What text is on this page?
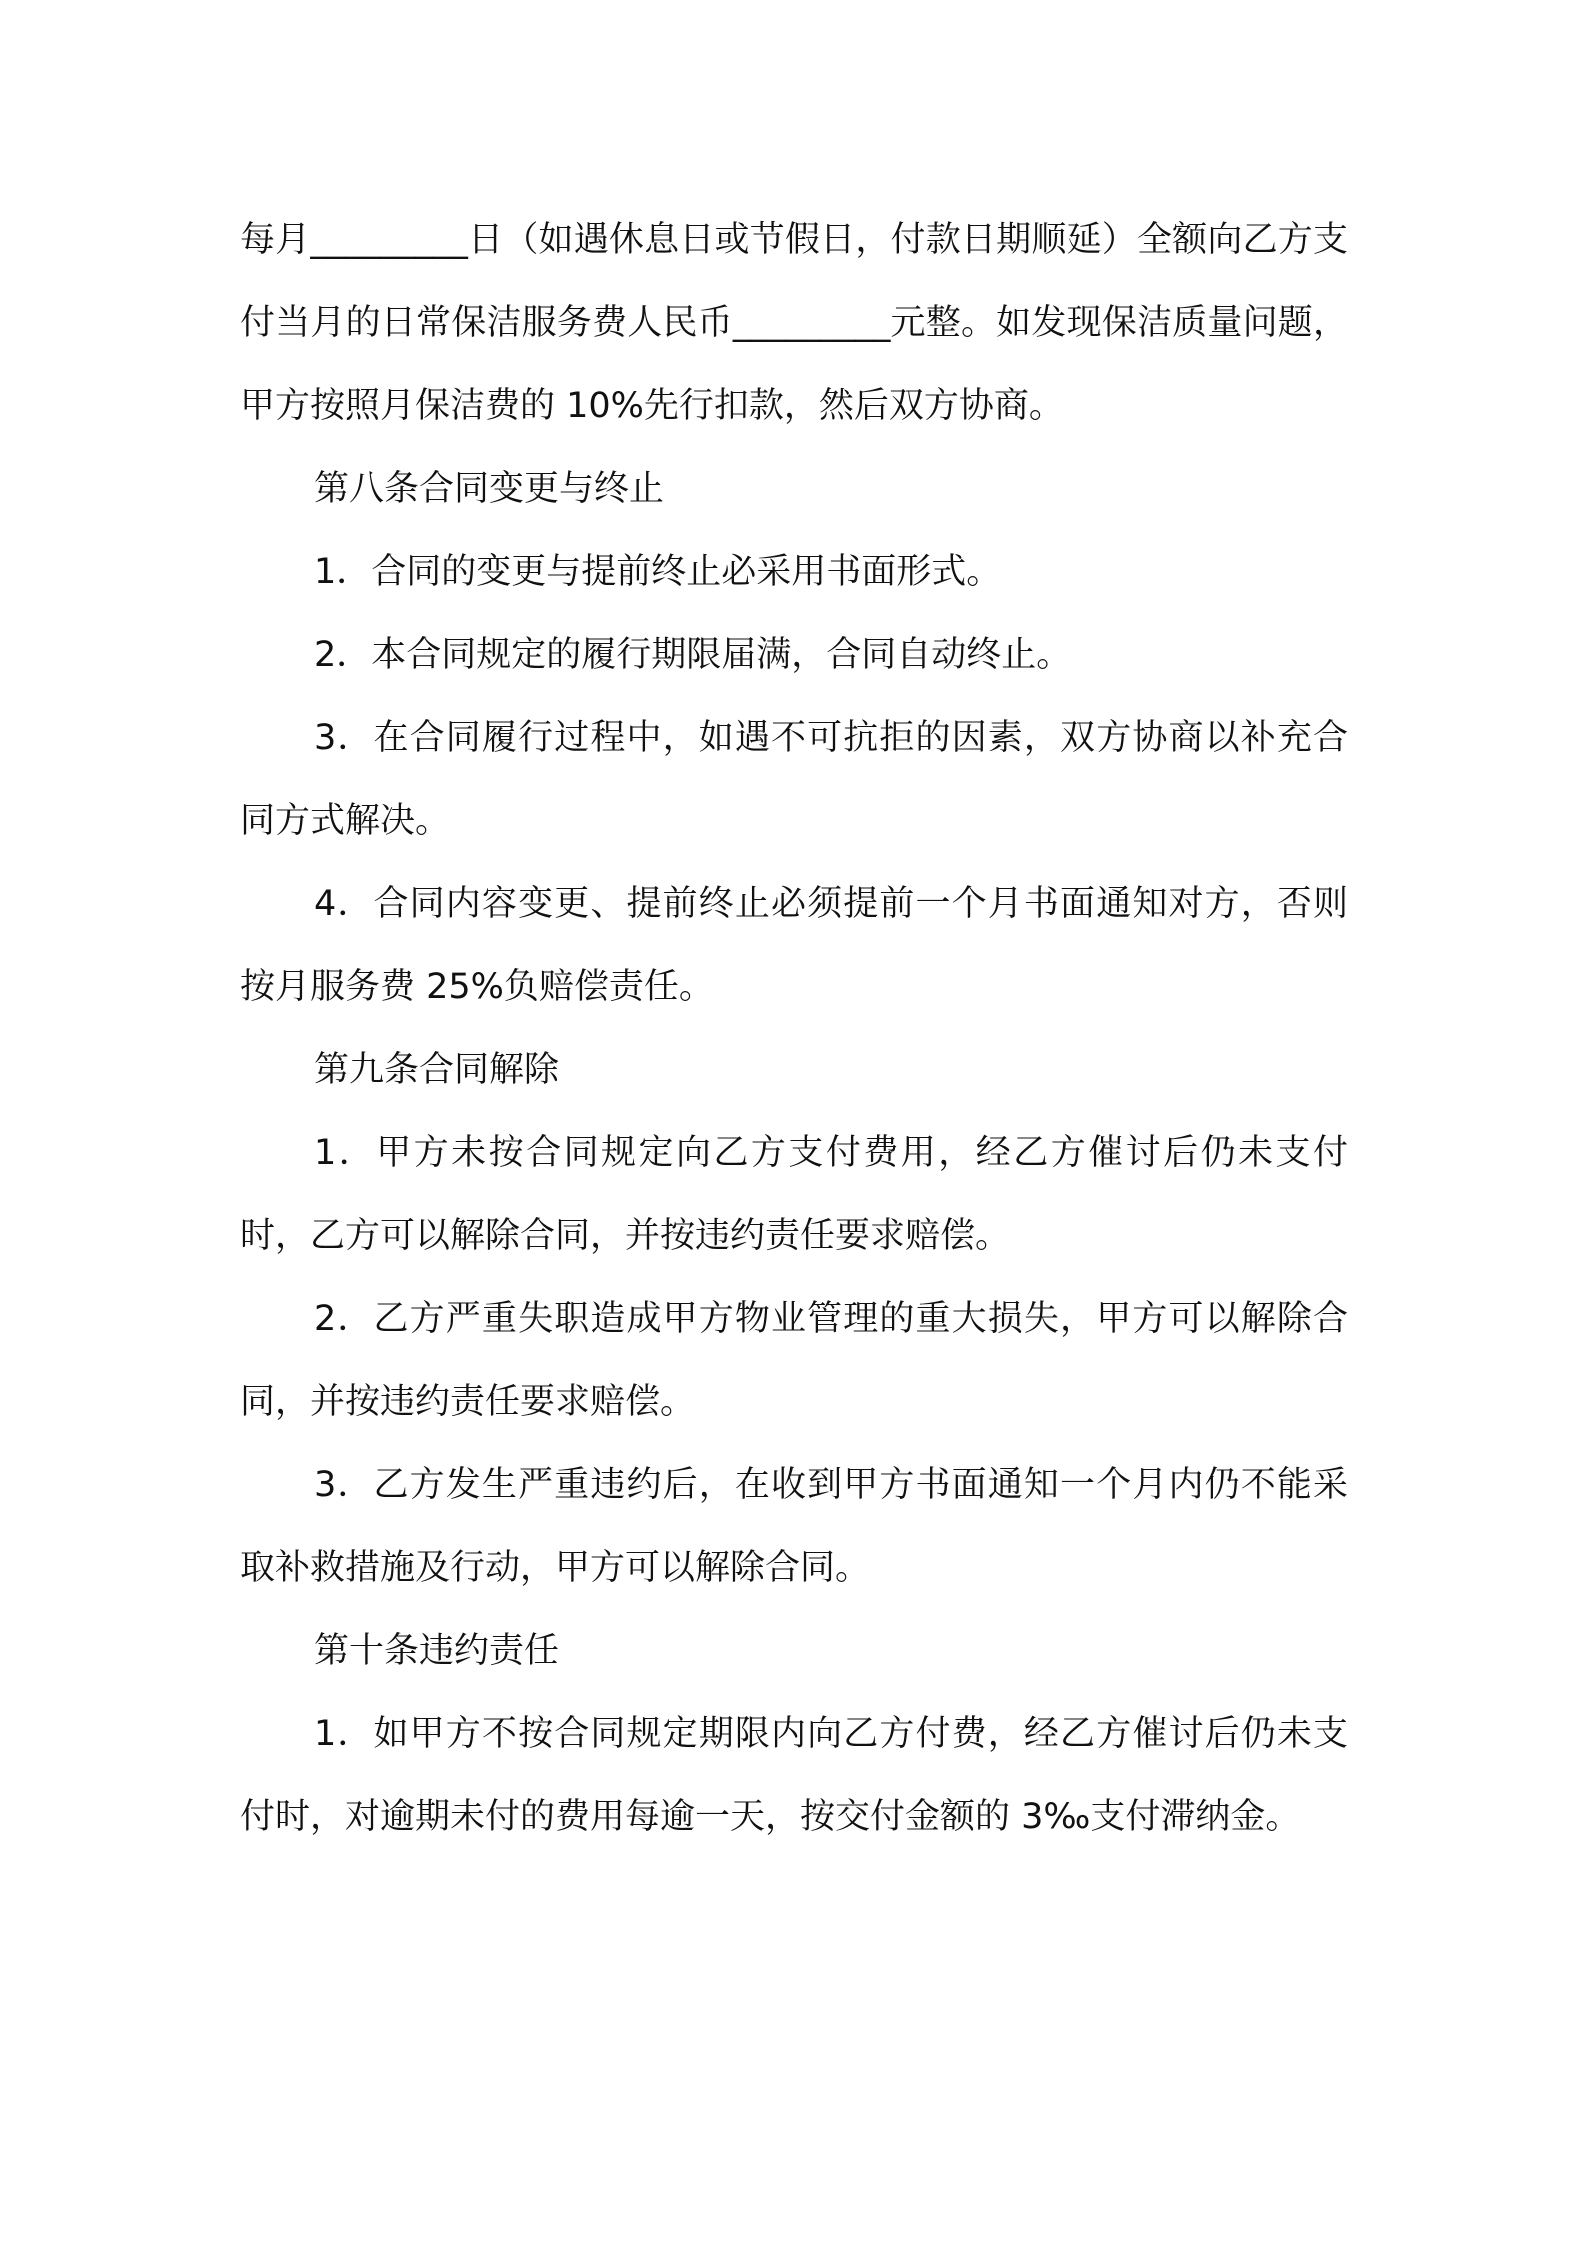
每月_________日（如遇休息日或节假日，付款日期顺延）全额向乙方支付当月的日常保洁服务费人民币_________元整。如发现保洁质量问题，甲方按照月保洁费的 10%先行扣款，然后双方协商。

第八条合同变更与终止

1．合同的变更与提前终止必采用书面形式。

2．本合同规定的履行期限届满，合同自动终止。

3．在合同履行过程中，如遇不可抗拒的因素，双方协商以补充合同方式解决。

4．合同内容变更、提前终止必须提前一个月书面通知对方，否则按月服务费 25%负赔偿责任。

第九条合同解除

1．甲方未按合同规定向乙方支付费用，经乙方催讨后仍未支付时，乙方可以解除合同，并按违约责任要求赔偿。

2．乙方严重失职造成甲方物业管理的重大损失，甲方可以解除合同，并按违约责任要求赔偿。

3．乙方发生严重违约后，在收到甲方书面通知一个月内仍不能采取补救措施及行动，甲方可以解除合同。

第十条违约责任

1．如甲方不按合同规定期限内向乙方付费，经乙方催讨后仍未支付时，对逾期未付的费用每逾一天，按交付金额的 3‰支付滞纳金。
